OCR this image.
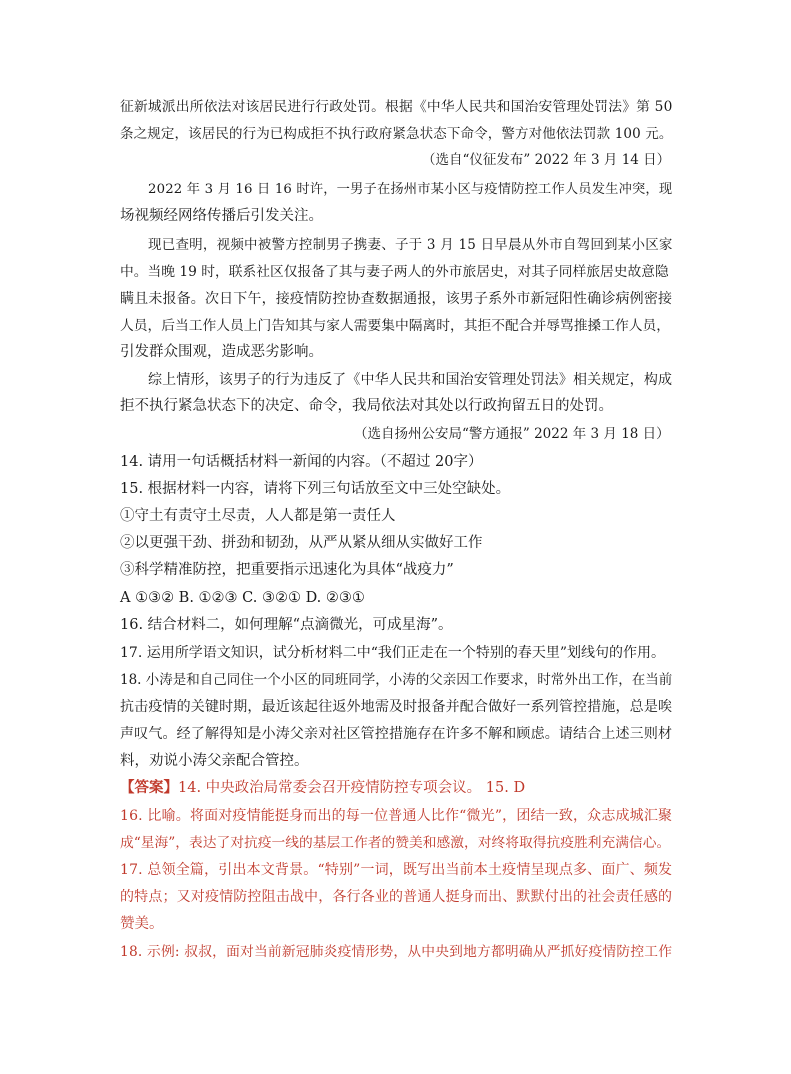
征新城派出所依法对该居民进行行政处罚。根据《中华人民共和国治安管理处罚法》第 50
条之规定，该居民的行为已构成拒不执行政府紧急状态下命令，警方对他依法罚款 100 元。
（选自“仪征发布” 2022 年 3 月 14 日）
2022 年 3 月 16 日 16 时许，一男子在扬州市某小区与疫情防控工作人员发生冲突，现
场视频经网络传播后引发关注。
现已查明，视频中被警方控制男子携妻、子于 3 月 15 日早晨从外市自驾回到某小区家
中。当晚 19 时，联系社区仅报备了其与妻子两人的外市旅居史，对其子同样旅居史故意隐
瞒且未报备。次日下午，接疫情防控协查数据通报，该男子系外市新冠阳性确诊病例密接
人员，后当工作人员上门告知其与家人需要集中隔离时，其拒不配合并辱骂推搡工作人员，
引发群众围观，造成恶劣影响。
综上情形，该男子的行为违反了《中华人民共和国治安管理处罚法》相关规定，构成
拒不执行紧急状态下的决定、命令，我局依法对其处以行政拘留五日的处罚。
（选自扬州公安局“警方通报” 2022 年 3 月 18 日）
14. 请用一句话概括材料一新闻的内容。（不超过 20字）
15. 根据材料一内容，请将下列三句话放至文中三处空缺处。
①守土有责守土尽责，人人都是第一责任人
②以更强干劲、拼劲和韧劲，从严从紧从细从实做好工作
③科学精准防控，把重要指示迅速化为具体“战疫力”
A ①③② B. ①②③ C. ③②① D. ②③①
16. 结合材料二，如何理解“点滴微光，可成星海”。
17. 运用所学语文知识，试分析材料二中“我们正走在一个特别的春天里”划线句的作用。
18. 小涛是和自己同住一个小区的同班同学，小涛的父亲因工作要求，时常外出工作，在当前
抗击疫情的关键时期，最近该起往返外地需及时报备并配合做好一系列管控措施，总是唉
声叹气。经了解得知是小涛父亲对社区管控措施存在许多不解和顾虑。请结合上述三则材
料，劝说小涛父亲配合管控。
【答案】14. 中央政治局常委会召开疫情防控专项会议。 15. D
16. 比喻。将面对疫情能挺身而出的每一位普通人比作“微光”，团结一致，众志成城汇聚
成“星海”，表达了对抗疫一线的基层工作者的赞美和感激，对终将取得抗疫胜利充满信心。
17. 总领全篇，引出本文背景。“特别”一词，既写出当前本土疫情呈现点多、面广、频发
的特点；又对疫情防控阻击战中，各行各业的普通人挺身而出、默默付出的社会责任感的
赞美。
18. 示例: 叔叔，面对当前新冠肺炎疫情形势，从中央到地方都明确从严抓好疫情防控工作
